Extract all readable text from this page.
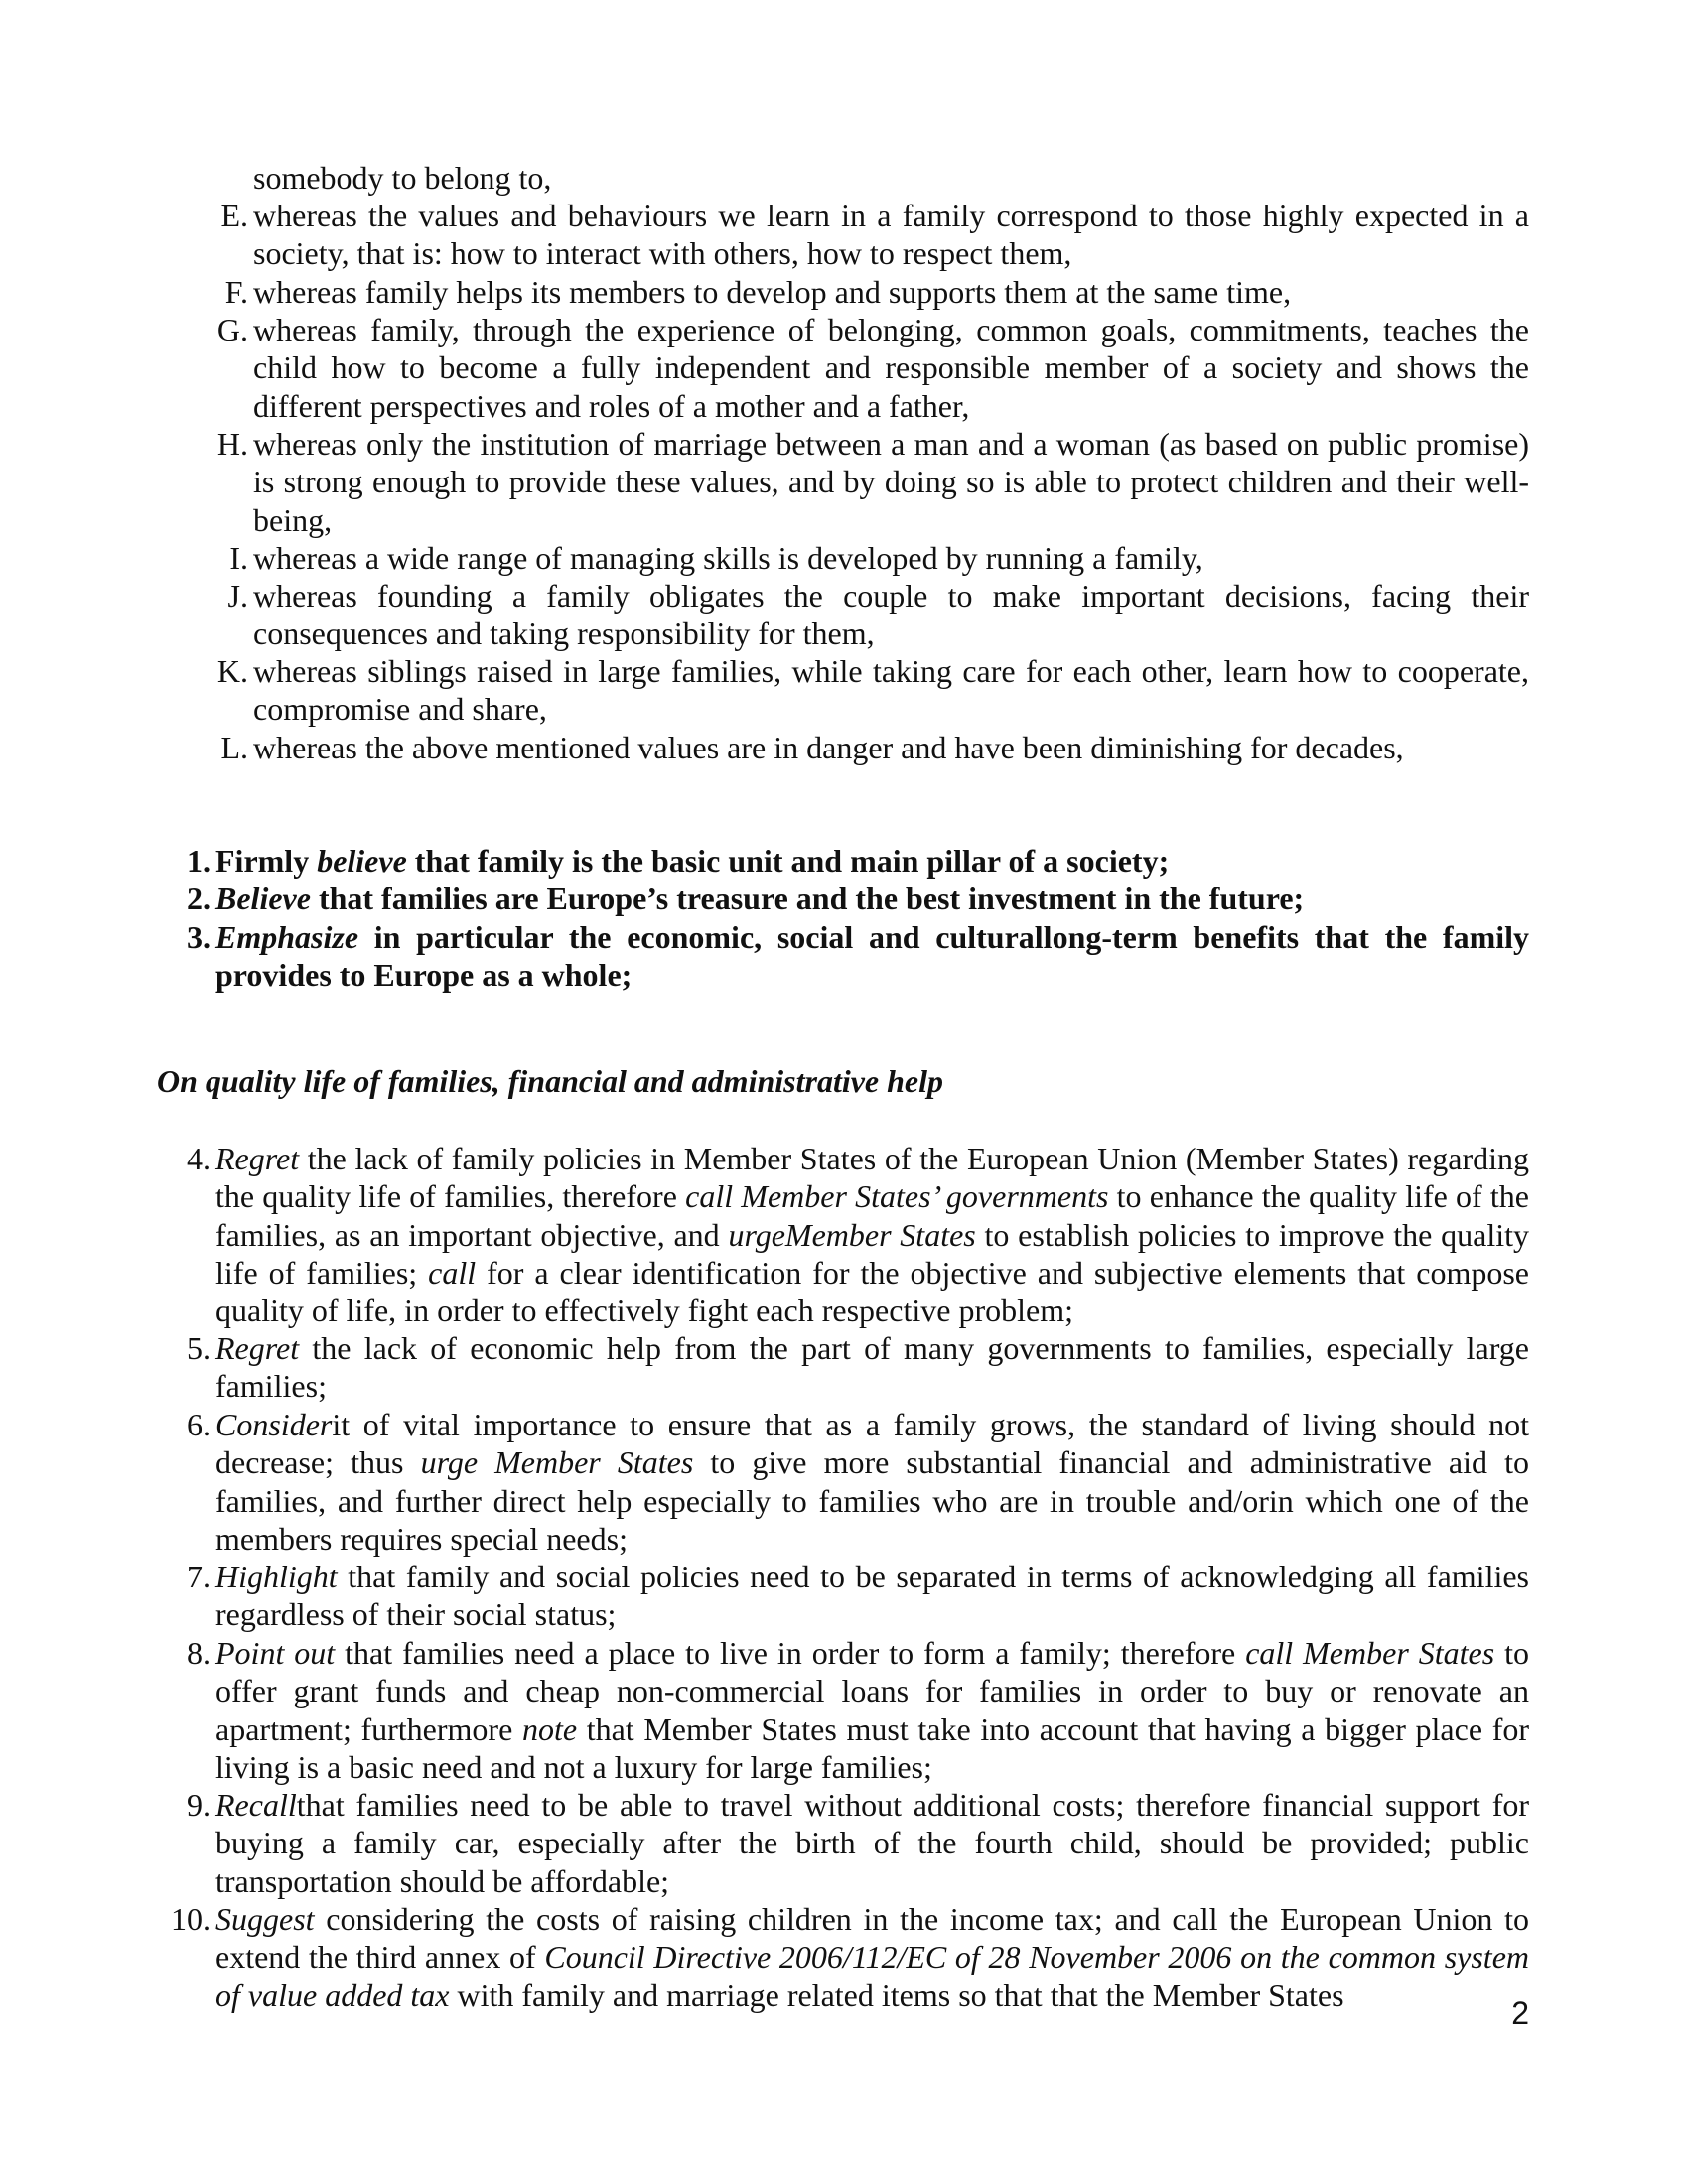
somebody to belong to,
E. whereas the values and behaviours we learn in a family correspond to those highly expected in a society, that is: how to interact with others, how to respect them,
F. whereas family helps its members to develop and supports them at the same time,
G. whereas family, through the experience of belonging, common goals, commitments, teaches the child how to become a fully independent and responsible member of a society and shows the different perspectives and roles of a mother and a father,
H. whereas only the institution of marriage between a man and a woman (as based on public promise) is strong enough to provide these values, and by doing so is able to protect children and their well-being,
I. whereas a wide range of managing skills is developed by running a family,
J. whereas founding a family obligates the couple to make important decisions, facing their consequences and taking responsibility for them,
K. whereas siblings raised in large families, while taking care for each other, learn how to cooperate, compromise and share,
L. whereas the above mentioned values are in danger and have been diminishing for decades,
1. Firmly believe that family is the basic unit and main pillar of a society;
2. Believe that families are Europe’s treasure and the best investment in the future;
3. Emphasize in particular the economic, social and culturallong-term benefits that the family provides to Europe as a whole;
On quality life of families, financial and administrative help
4. Regret the lack of family policies in Member States of the European Union (Member States) regarding the quality life of families, therefore call Member States’ governments to enhance the quality life of the families, as an important objective, and urgeMember States to establish policies to improve the quality life of families; call for a clear identification for the objective and subjective elements that compose quality of life, in order to effectively fight each respective problem;
5. Regret the lack of economic help from the part of many governments to families, especially large families;
6. Considerit of vital importance to ensure that as a family grows, the standard of living should not decrease; thus urge Member States to give more substantial financial and administrative aid to families, and further direct help especially to families who are in trouble and/orin which one of the members requires special needs;
7. Highlight that family and social policies need to be separated in terms of acknowledging all families regardless of their social status;
8. Point out that families need a place to live in order to form a family; therefore call Member States to offer grant funds and cheap non-commercial loans for families in order to buy or renovate an apartment; furthermore note that Member States must take into account that having a bigger place for living is a basic need and not a luxury for large families;
9. Recallthat families need to be able to travel without additional costs; therefore financial support for buying a family car, especially after the birth of the fourth child, should be provided; public transportation should be affordable;
10. Suggest considering the costs of raising children in the income tax; and call the European Union to extend the third annex of Council Directive 2006/112/EC of 28 November 2006 on the common system of value added tax with family and marriage related items so that that the Member States
2
